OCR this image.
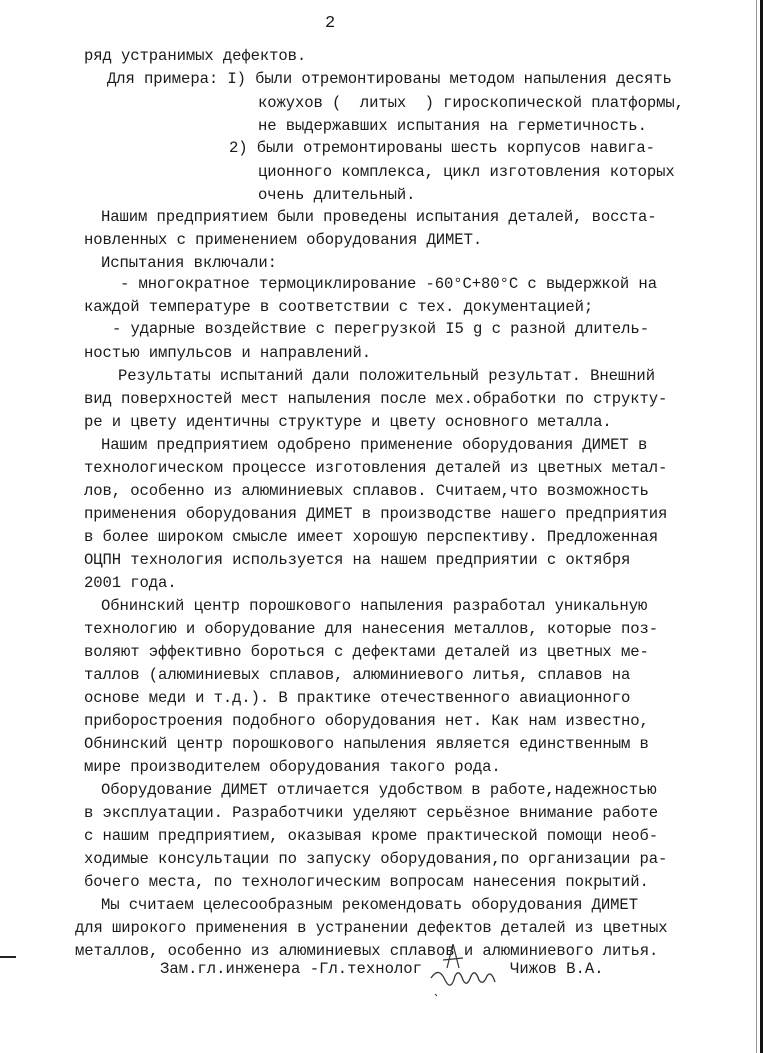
2
ряд устранимых дефектов.
Для примера: I) были отремонтированы методом напыления десять
кожухов (  литых  ) гироскопической платформы,
не выдержавших испытания на герметичность.
2) были отремонтированы шесть корпусов навига-
ционного комплекса, цикл изготовления которых
очень длительный.
Нашим предприятием были проведены испытания деталей, восста-
новленных с применением оборудования ДИМЕТ.
Испытания включали:
- многократное термоциклирование -60°С+80°С с выдержкой на
каждой температуре в соответствии с тех. документацией;
- ударные воздействие с перегрузкой I5 g с разной длитель-
ностью импульсов и направлений.
Результаты испытаний дали положительный результат. Внешний
вид поверхностей мест напыления после мех.обработки по структу-
ре и цвету идентичны структуре и цвету основного металла.
Нашим предприятием одобрено применение оборудования ДИМЕТ в
технологическом процессе изготовления деталей из цветных метал-
лов, особенно из алюминиевых сплавов. Считаем,что возможность
применения оборудования ДИМЕТ в производстве нашего предприятия
в более широком смысле имеет хорошую перспективу. Предложенная
ОЦПН технология используется на нашем предприятии с октября
2001 года.
Обнинский центр порошкового напыления разработал уникальную
технологию и оборудование для нанесения металлов, которые поз-
воляют эффективно бороться с дефектами деталей из цветных ме-
таллов (алюминиевых сплавов, алюминиевого литья, сплавов на
основе меди и т.д.). В практике отечественного авиационного
приборостроения подобного оборудования нет. Как нам известно,
Обнинский центр порошкового напыления является единственным в
мире производителем оборудования такого рода.
Оборудование ДИМЕТ отличается удобством в работе,надежностью
в эксплуатации. Разработчики уделяют серьёзное внимание работе
с нашим предприятием, оказывая кроме практической помощи необ-
ходимые консультации по запуску оборудования,по организации ра-
бочего места, по технологическим вопросам нанесения покрытий.
Мы считаем целесообразным рекомендовать оборудования ДИМЕТ
для широкого применения в устранении дефектов деталей из цветных
металлов, особенно из алюминиевых сплавов и алюминиевого литья.
Зам.гл.инженера -Гл.технолог	Чижов В.А.
